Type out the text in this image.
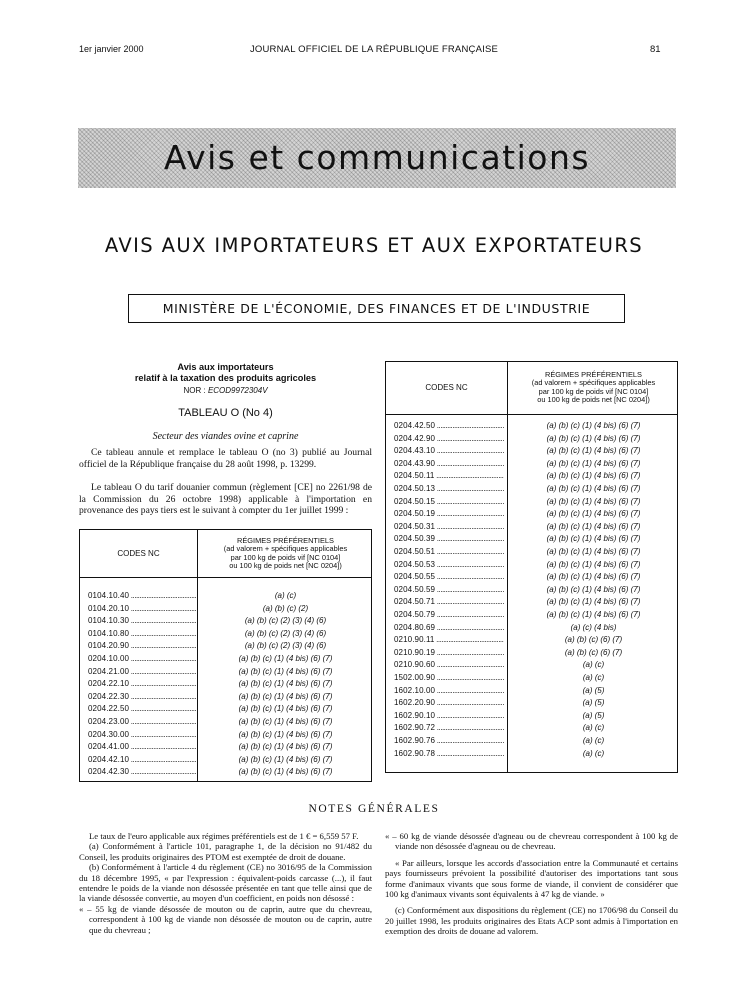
1er janvier 2000	JOURNAL OFFICIEL DE LA RÉPUBLIQUE FRANÇAISE	81
Avis et communications
AVIS AUX IMPORTATEURS ET AUX EXPORTATEURS
MINISTÈRE DE L'ÉCONOMIE, DES FINANCES ET DE L'INDUSTRIE
Avis aux importateurs
relatif à la taxation des produits agricoles
NOR : ECOD9972304V
TABLEAU O (No 4)
Secteur des viandes ovine et caprine

Ce tableau annule et remplace le tableau O (no 3) publié au Journal officiel de la République française du 28 août 1998, p. 13299.

Le tableau O du tarif douanier commun (règlement [CE] no 2261/98 de la Commission du 26 octobre 1998) applicable à l'importation en provenance des pays tiers est le suivant à compter du 1er juillet 1999 :

CODES NC
RÉGIMES PRÉFÉRENTIELS
(ad valorem + spécifiques applicables
par 100 kg de poids vif [NC 0104]
ou 100 kg de poids net [NC 0204])
0104.10.40 .....	(a) (c)
0104.20.10 .....	(a) (b) (c) (2)
0104.10.30 .....	(a) (b) (c) (2) (3) (4) (6)
0104.10.80 .....	(a) (b) (c) (2) (3) (4) (6)
0104.20.90 .....	(a) (b) (c) (2) (3) (4) (6)
0204.10.00 .....	(a) (b) (c) (1) (4 bis) (6) (7)
0204.21.00 .....	(a) (b) (c) (1) (4 bis) (6) (7)
0204.22.10 .....	(a) (b) (c) (1) (4 bis) (6) (7)
0204.22.30 .....	(a) (b) (c) (1) (4 bis) (6) (7)
0204.22.50 .....	(a) (b) (c) (1) (4 bis) (6) (7)
0204.23.00 .....	(a) (b) (c) (1) (4 bis) (6) (7)
0204.30.00 .....	(a) (b) (c) (1) (4 bis) (6) (7)
0204.41.00 .....	(a) (b) (c) (1) (4 bis) (6) (7)
0204.42.10 .....	(a) (b) (c) (1) (4 bis) (6) (7)
0204.42.30 .....	(a) (b) (c) (1) (4 bis) (6) (7)
CODES NC
RÉGIMES PRÉFÉRENTIELS
(ad valorem + spécifiques applicables
par 100 kg de poids vif [NC 0104]
ou 100 kg de poids net [NC 0204])
0204.42.50 .....	(a) (b) (c) (1) (4 bis) (6) (7)
0204.42.90 .....	(a) (b) (c) (1) (4 bis) (6) (7)
0204.43.10 .....	(a) (b) (c) (1) (4 bis) (6) (7)
0204.43.90 .....	(a) (b) (c) (1) (4 bis) (6) (7)
0204.50.11 .....	(a) (b) (c) (1) (4 bis) (6) (7)
0204.50.13 .....	(a) (b) (c) (1) (4 bis) (6) (7)
0204.50.15 .....	(a) (b) (c) (1) (4 bis) (6) (7)
0204.50.19 .....	(a) (b) (c) (1) (4 bis) (6) (7)
0204.50.31 .....	(a) (b) (c) (1) (4 bis) (6) (7)
0204.50.39 .....	(a) (b) (c) (1) (4 bis) (6) (7)
0204.50.51 .....	(a) (b) (c) (1) (4 bis) (6) (7)
0204.50.53 .....	(a) (b) (c) (1) (4 bis) (6) (7)
0204.50.55 .....	(a) (b) (c) (1) (4 bis) (6) (7)
0204.50.59 .....	(a) (b) (c) (1) (4 bis) (6) (7)
0204.50.71 .....	(a) (b) (c) (1) (4 bis) (6) (7)
0204.50.79 .....	(a) (b) (c) (1) (4 bis) (6) (7)
0204.80.69 .....	(a) (c) (4 bis)
0210.90.11 .....	(a) (b) (c) (6) (7)
0210.90.19 .....	(a) (b) (c) (6) (7)
0210.90.60 .....	(a) (c)
1502.00.90 .....	(a) (c)
1602.10.00 .....	(a) (5)
1602.20.90 .....	(a) (5)
1602.90.10 .....	(a) (5)
1602.90.72 .....	(a) (c)
1602.90.76 .....	(a) (c)
1602.90.78 .....	(a) (c)
NOTES GÉNÉRALES

Le taux de l'euro applicable aux régimes préférentiels est de 1 € = 6,559 57 F.

(a) Conformément à l'article 101, paragraphe 1, de la décision no 91/482 du Conseil, les produits originaires des PTOM est exemptée de droit de douane.

(b) Conformément à l'article 4 du règlement (CE) no 3016/95 de la Commission du 18 décembre 1995, « par l'expression : équivalent-poids carcasse (...), il faut entendre le poids de la viande non désossée présentée en tant que telle ainsi que de la viande désossée convertie, au moyen d'un coefficient, en poids non désossé :

« – 55 kg de viande désossée de mouton ou de caprin, autre que du chevreau, correspondent à 100 kg de viande non désossée de mouton ou de caprin, autre que du chevreau ;

« – 60 kg de viande désossée d'agneau ou de chevreau correspondent à 100 kg de viande non désossée d'agneau ou de chevreau.

« Par ailleurs, lorsque les accords d'association entre la Communauté et certains pays fournisseurs prévoient la possibilité d'autoriser des importations tant sous forme d'animaux vivants que sous forme de viande, il convient de considérer que 100 kg d'animaux vivants sont équivalents à 47 kg de viande. »

(c) Conformément aux dispositions du règlement (CE) no 1706/98 du Conseil du 20 juillet 1998, les produits originaires des Etats ACP sont admis à l'importation en exemption des droits de douane ad valorem.
